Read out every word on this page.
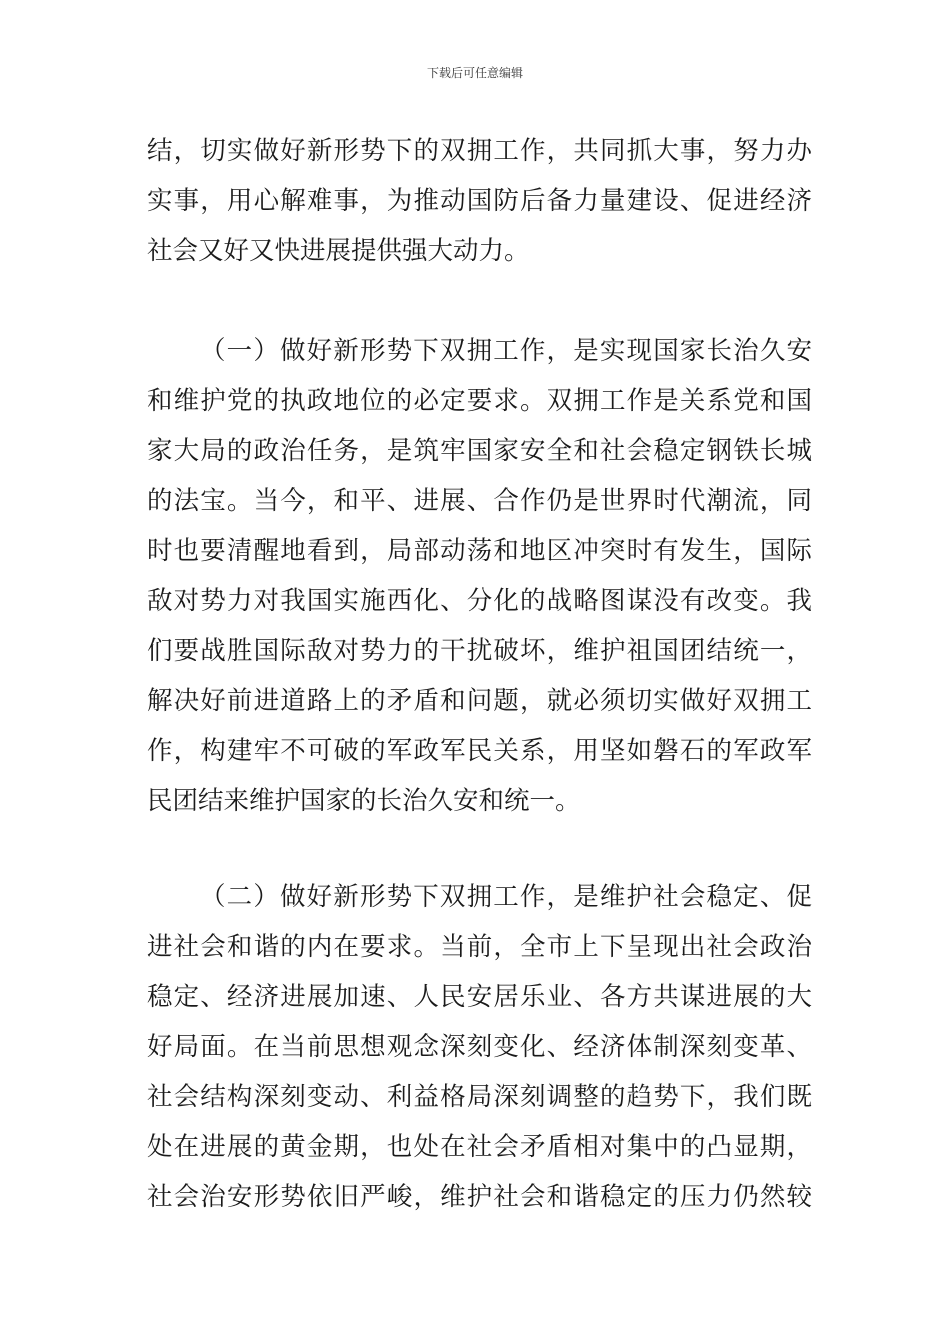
下载后可任意编辑
结，切实做好新形势下的双拥工作，共同抓大事，努力办
实事，用心解难事，为推动国防后备力量建设、促进经济
社会又好又快进展提供强大动力。
（一）做好新形势下双拥工作，是实现国家长治久安
和维护党的执政地位的必定要求。双拥工作是关系党和国
家大局的政治任务，是筑牢国家安全和社会稳定钢铁长城
的法宝。当今，和平、进展、合作仍是世界时代潮流，同
时也要清醒地看到，局部动荡和地区冲突时有发生，国际
敌对势力对我国实施西化、分化的战略图谋没有改变。我
们要战胜国际敌对势力的干扰破坏，维护祖国团结统一，
解决好前进道路上的矛盾和问题，就必须切实做好双拥工
作，构建牢不可破的军政军民关系，用坚如磐石的军政军
民团结来维护国家的长治久安和统一。
（二）做好新形势下双拥工作，是维护社会稳定、促
进社会和谐的内在要求。当前，全市上下呈现出社会政治
稳定、经济进展加速、人民安居乐业、各方共谋进展的大
好局面。在当前思想观念深刻变化、经济体制深刻变革、
社会结构深刻变动、利益格局深刻调整的趋势下，我们既
处在进展的黄金期，也处在社会矛盾相对集中的凸显期，
社会治安形势依旧严峻，维护社会和谐稳定的压力仍然较
